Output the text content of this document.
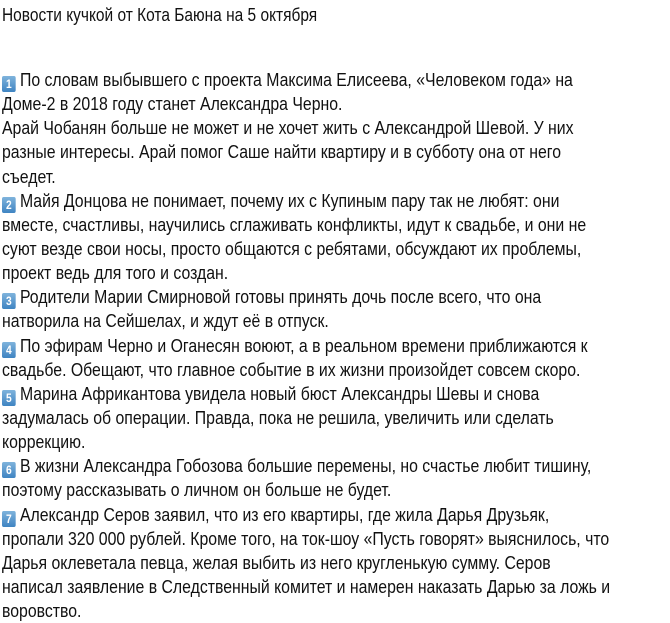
Новости кучкой от Кота Баюна на 5 октября
1 По словам выбывшего с проекта Максима Елисеева, «Человеком года» на
Доме-2 в 2018 году станет Александра Черно.
Арай Чобанян больше не может и не хочет жить с Александрой Шевой. У них
разные интересы. Арай помог Саше найти квартиру и в субботу она от него
съедет.
2 Майя Донцова не понимает, почему их с Купиным пару так не любят: они
вместе, счастливы, научились сглаживать конфликты, идут к свадьбе, и они не
суют везде свои носы, просто общаются с ребятами, обсуждают их проблемы,
проект ведь для того и создан.
3 Родители Марии Смирновой готовы принять дочь после всего, что она
натворила на Сейшелах, и ждут её в отпуск.
4 По эфирам Черно и Оганесян воюют, а в реальном времени приближаются к
свадьбе. Обещают, что главное событие в их жизни произойдет совсем скоро.
5 Марина Африкантова увидела новый бюст Александры Шевы и снова
задумалась об операции. Правда, пока не решила, увеличить или сделать
коррекцию.
6 В жизни Александра Гобозова большие перемены, но счастье любит тишину,
поэтому рассказывать о личном он больше не будет.
7 Александр Серов заявил, что из его квартиры, где жила Дарья Друзьяк,
пропали 320 000 рублей. Кроме того, на ток-шоу «Пусть говорят» выяснилось, что
Дарья оклеветала певца, желая выбить из него кругленькую сумму. Серов
написал заявление в Следственный комитет и намерен наказать Дарью за ложь и
воровство.
